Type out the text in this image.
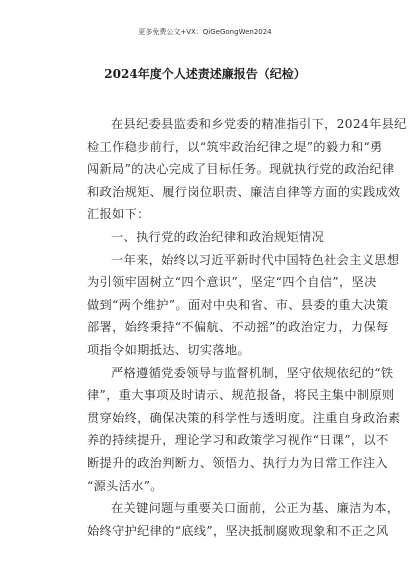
更多免费公文+VX：QiGeGongWen2024
2024年度个人述责述廉报告（纪检）
在县纪委县监委和乡党委的精准指引下，2024年县纪
检工作稳步前行，以“筑牢政治纪律之堤”的毅力和“勇
闯新局”的决心完成了目标任务。现就执行党的政治纪律
和政治规矩、履行岗位职责、廉洁自律等方面的实践成效
汇报如下：
一、执行党的政治纪律和政治规矩情况
一年来，始终以习近平新时代中国特色社会主义思想
为引领牢固树立“四个意识”，坚定“四个自信”，坚决
做到“两个维护”。面对中央和省、市、县委的重大决策
部署，始终秉持“不偏航、不动摇”的政治定力，力保每
项指令如期抵达、切实落地。
严格遵循党委领导与监督机制，坚守依规依纪的“铁
律”，重大事项及时请示、规范报备，将民主集中制原则
贯穿始终，确保决策的科学性与透明度。注重自身政治素
养的持续提升，理论学习和政策学习视作“日课”，以不
断提升的政治判断力、领悟力、执行力为日常工作注入
“源头活水”。
在关键问题与重要关口面前，公正为基、廉洁为本，
始终守护纪律的“底线”，坚决抵制腐败现象和不正之风
